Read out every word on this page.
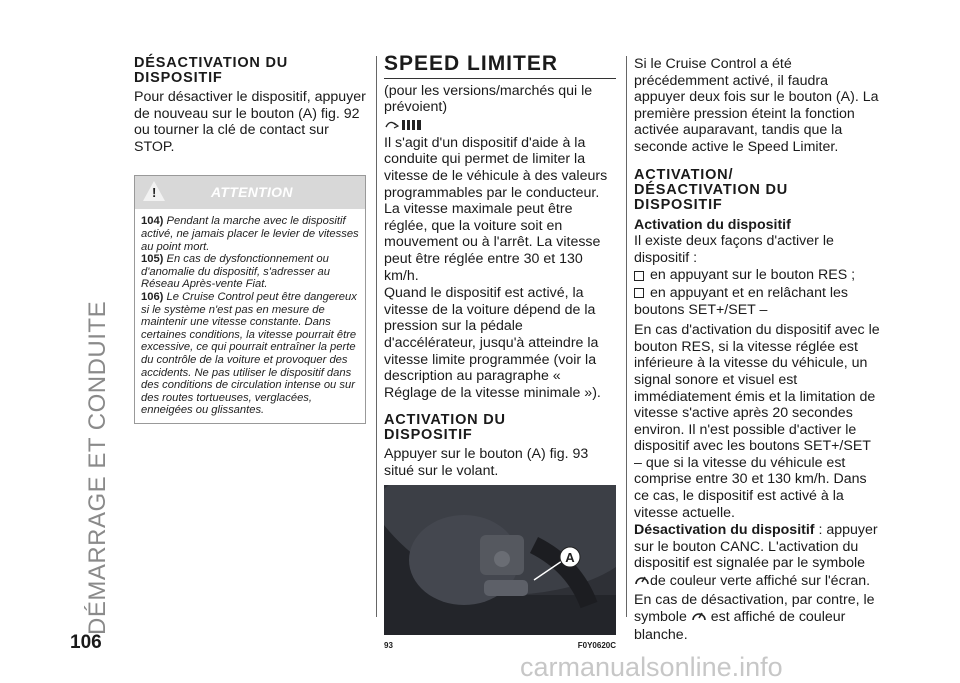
DÉMARRAGE ET CONDUITE
DÉSACTIVATION DU DISPOSITIF

Pour désactiver le dispositif, appuyer de nouveau sur le bouton (A) fig. 92 ou tourner la clé de contact sur STOP.

!
ATTENTION

104) Pendant la marche avec le dispositif activé, ne jamais placer le levier de vitesses au point mort.

105) En cas de dysfonctionnement ou d'anomalie du dispositif, s'adresser au Réseau Après-vente Fiat.

106) Le Cruise Control peut être dangereux si le système n'est pas en mesure de maintenir une vitesse constante. Dans certaines conditions, la vitesse pourrait être excessive, ce qui pourrait entraîner la perte du contrôle de la voiture et provoquer des accidents. Ne pas utiliser le dispositif dans des conditions de circulation intense ou sur des routes tortueuses, verglacées, enneigées ou glissantes.

SPEED LIMITER

(pour les versions/marchés qui le prévoient)

Il s'agit d'un dispositif d'aide à la conduite qui permet de limiter la vitesse de le véhicule à des valeurs programmables par le conducteur. La vitesse maximale peut être réglée, que la voiture soit en mouvement ou à l'arrêt. La vitesse peut être réglée entre 30 et 130 km/h.

Quand le dispositif est activé, la vitesse de la voiture dépend de la pression sur la pédale d'accélérateur, jusqu'à atteindre la vitesse limite programmée (voir la description au paragraphe « Réglage de la vitesse minimale »).

ACTIVATION DU DISPOSITIF

Appuyer sur le bouton (A) fig. 93 situé sur le volant.

A
93	F0Y0620C

Si le Cruise Control a été précédemment activé, il faudra appuyer deux fois sur le bouton (A). La première pression éteint la fonction activée auparavant, tandis que la seconde active le Speed Limiter.

ACTIVATION/ DÉSACTIVATION DU DISPOSITIF
Activation du dispositif

Il existe deux façons d'activer le dispositif :

en appuyant sur le bouton RES ;

en appuyant et en relâchant les boutons SET+/SET –

En cas d'activation du dispositif avec le bouton RES, si la vitesse réglée est inférieure à la vitesse du véhicule, un signal sonore et visuel est immédiatement émis et la limitation de vitesse s'active après 20 secondes environ. Il n'est possible d'activer le dispositif avec les boutons SET+/SET – que si la vitesse du véhicule est comprise entre 30 et 130 km/h. Dans ce cas, le dispositif est activé à la vitesse actuelle.

Désactivation du dispositif : appuyer sur le bouton CANC. L'activation du dispositif est signalée par le symbole de couleur verte affiché sur l'écran.

En cas de désactivation, par contre, le symbole est affiché de couleur blanche.

106
carmanualsonline.info
